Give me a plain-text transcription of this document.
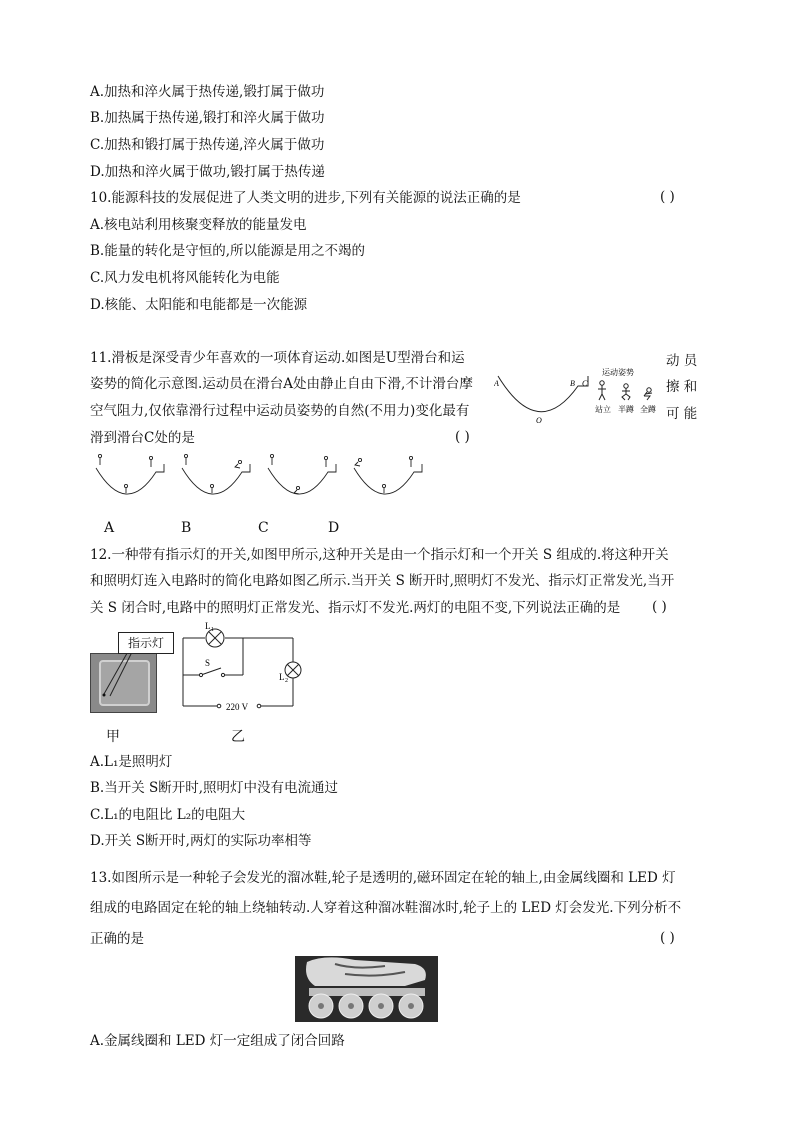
A.加热和淬火属于热传递,锻打属于做功
B.加热属于热传递,锻打和淬火属于做功
C.加热和锻打属于热传递,淬火属于做功
D.加热和淬火属于做功,锻打属于热传递
10.能源科技的发展促进了人类文明的进步,下列有关能源的说法正确的是	( )
A.核电站利用核聚变释放的能量发电
B.能量的转化是守恒的,所以能源是用之不竭的
C.风力发电机将风能转化为电能
D.核能、太阳能和电能都是一次能源
11.滑板是深受青少年喜欢的一项体育运动.如图是U型滑台和运
姿势的简化示意图.运动员在滑台A处由静止自由下滑,不计滑台摩
空气阻力,仅依靠滑行过程中运动员姿势的自然(不用力)变化最有
滑到滑台C处的是	( )
动 员
擦 和
可 能
A	B C
O
运动姿势
站立 半蹲 全蹲
A	B	C	D
12.一种带有指示灯的开关,如图甲所示,这种开关是由一个指示灯和一个开关 S 组成的.将这种开关
和照明灯连入电路时的简化电路如图乙所示.当开关 S 断开时,照明灯不发光、指示灯正常发光,当开
关 S 闭合时,电路中的照明灯正常发光、指示灯不发光.两灯的电阻不变,下列说法正确的是 ( )
指示灯
L 1
L 2
S
220 V
甲	乙
A.L₁是照明灯
B.当开关 S断开时,照明灯中没有电流通过
C.L₁的电阻比 L₂的电阻大
D.开关 S断开时,两灯的实际功率相等
13.如图所示是一种轮子会发光的溜冰鞋,轮子是透明的,磁环固定在轮的轴上,由金属线圈和 LED 灯
组成的电路固定在轮的轴上绕轴转动.人穿着这种溜冰鞋溜冰时,轮子上的 LED 灯会发光.下列分析不
正确的是	( )
A.金属线圈和 LED 灯一定组成了闭合回路
